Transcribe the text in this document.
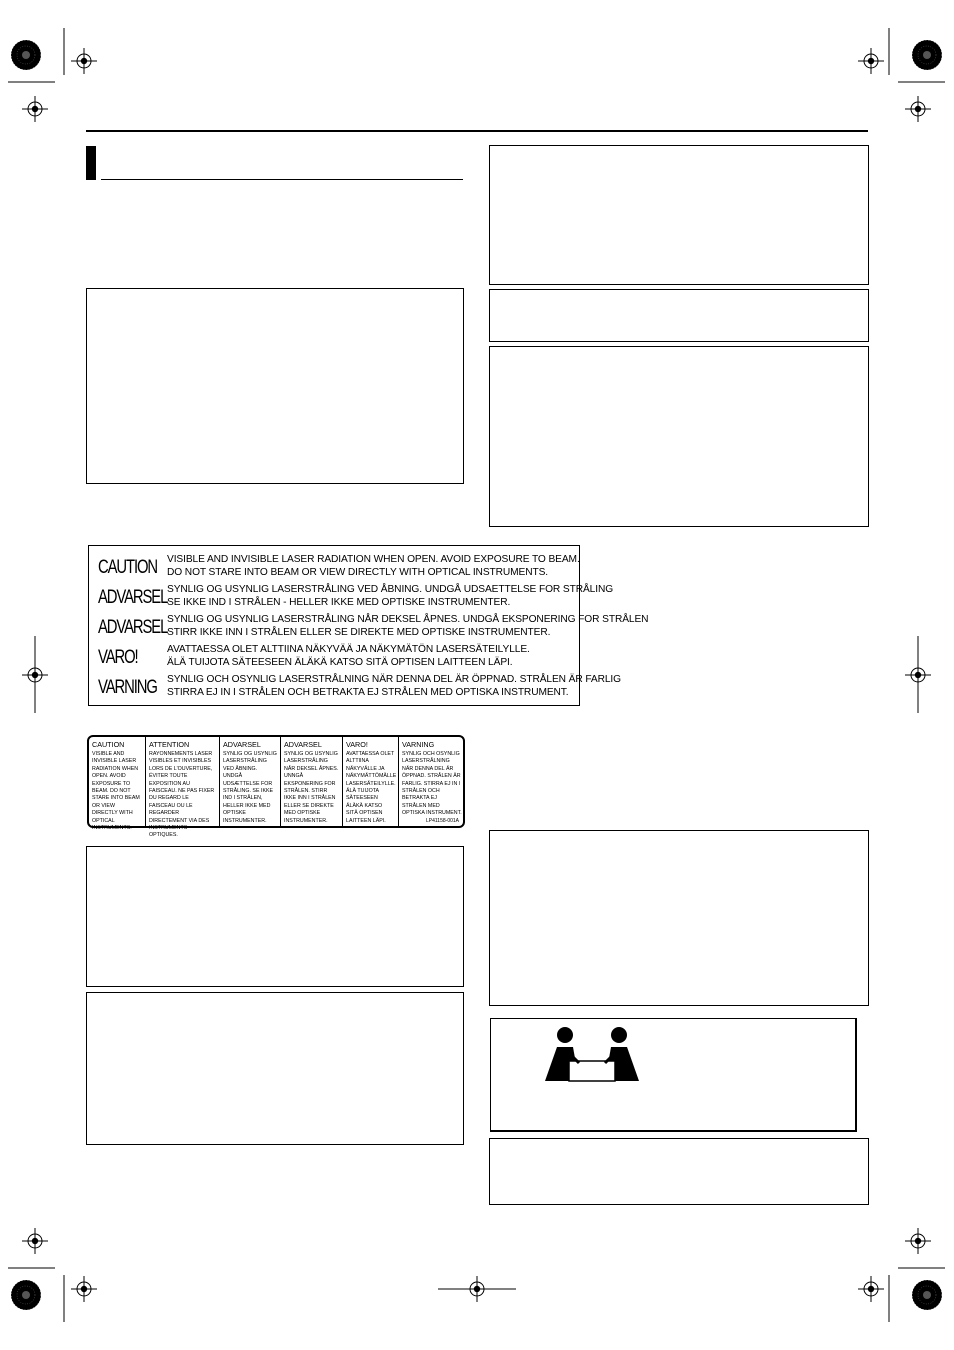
CAUTION VISIBLE AND INVISIBLE LASER RADIATION WHEN OPEN. AVOID EXPOSURE TO BEAM.
DO NOT STARE INTO BEAM OR VIEW DIRECTLY WITH OPTICAL INSTRUMENTS.
ADVARSEL SYNLIG OG USYNLIG LASERSTRÅLING VED ÅBNING. UNDGÅ UDSAETTELSE FOR STRÅLING
SE IKKE IND I STRÅLEN - HELLER IKKE MED OPTISKE INSTRUMENTER.
ADVARSEL SYNLIG OG USYNLIG LASERSTRÅLING NÅR DEKSEL ÅPNES. UNDGÅ EKSPONERING FOR STRÅLEN
STIRR IKKE INN I STRÅLEN ELLER SE DIREKTE MED OPTISKE INSTRUMENTER.
VARO!	AVATTAESSA OLET ALTTIINA NÄKYVÄÄ JA NÄKYMÄTÖN LASERSÄTEILYLLE.
ÄLÄ TUIJOTA SÄTEESEEN ÄLÄKÄ KATSO SITÄ OPTISEN LAITTEEN LÄPI.
VARNING SYNLIG OCH OSYNLIG LASERSTRÅLNING NÄR DENNA DEL ÄR ÖPPNAD. STRÅLEN ÄR FARLIG
STIRRA EJ IN I STRÅLEN OCH BETRAKTA EJ STRÅLEN MED OPTISKA INSTRUMENT.
CAUTION
VISIBLE AND INVISIBLE LASER RADIATION WHEN OPEN. AVOID EXPOSURE TO BEAM. DO NOT STARE INTO BEAM OR VIEW DIRECTLY WITH OPTICAL INSTRUMENTS.
ATTENTION
RAYONNEMENTS LASER VISIBLES ET INVISIBLES LORS DE L'OUVERTURE, ÉVITER TOUTE EXPOSITION AU FAISCEAU. NE PAS FIXER DU REGARD LE FAISCEAU OU LE REGARDER DIRECTEMENT VIA DES INSTRUMENTS OPTIQUES.
ADVARSEL
SYNLIG OG USYNLIG LASERSTRÅLING VED ÅBNING. UNDGÅ UDSÆTTELSE FOR STRÅLING. SE IKKE IND I STRÅLEN, HELLER IKKE MED OPTISKE INSTRUMENTER.
ADVARSEL
SYNLIG OG USYNLIG LASERSTRÅLING NÅR DEKSEL ÅPNES. UNNGÅ EKSPONERING FOR STRÅLEN. STIRR IKKE INN I STRÅLEN ELLER SE DIREKTE MED OPTISKE INSTRUMENTER.
VARO!
AVATTAESSA OLET ALTTIINA NÄKYVÄLLE JA NÄKYMÄTTÖMÄLLE LASERSÄTEILYLLE. ÄLÄ TUIJOTA SÄTEESEEN ÄLÄKÄ KATSO SITÄ OPTISEN LAITTEEN LÄPI.
VARNING
SYNLIG OCH OSYNLIG LASERSTRÅLNING NÄR DENNA DEL ÄR ÖPPNAD. STRÅLEN ÄR FARLIG. STIRRA EJ IN I STRÅLEN OCH BETRAKTA EJ STRÅLEN MED OPTISKA INSTRUMENT.
LP41158-001A
